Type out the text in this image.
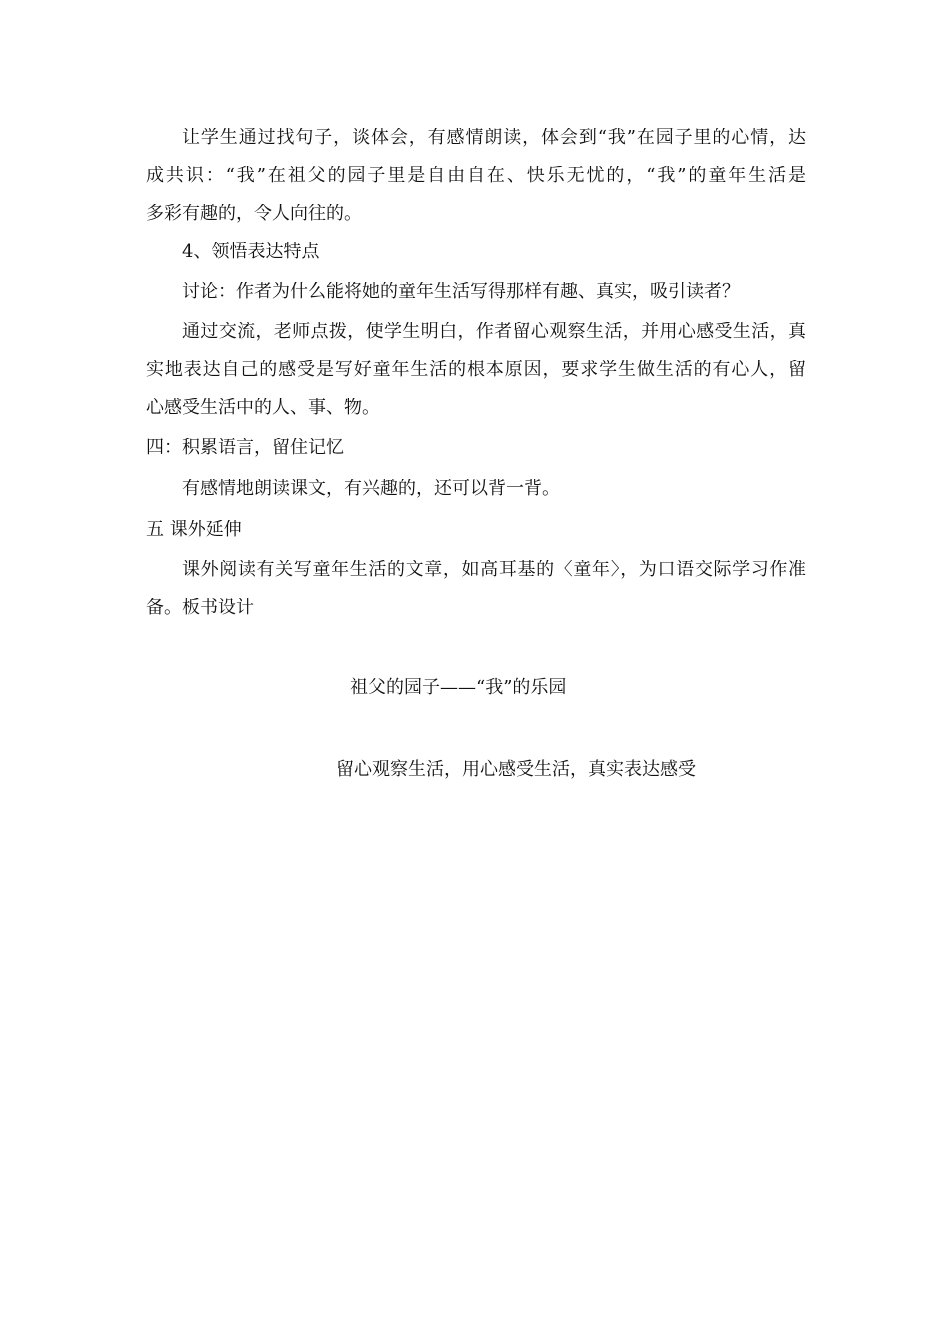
让学生通过找句子，谈体会，有感情朗读，体会到“我”在园子里的心情，达
成共识：“我”在祖父的园子里是自由自在、快乐无忧的，“我”的童年生活是
多彩有趣的，令人向往的。
4、领悟表达特点
讨论：作者为什么能将她的童年生活写得那样有趣、真实，吸引读者？
通过交流，老师点拨，使学生明白，作者留心观察生活，并用心感受生活，真
实地表达自己的感受是写好童年生活的根本原因，要求学生做生活的有心人，留
心感受生活中的人、事、物。
四：积累语言，留住记忆
有感情地朗读课文，有兴趣的，还可以背一背。
五 课外延伸
课外阅读有关写童年生活的文章，如高耳基的〈童年〉，为口语交际学习作准
备。板书设计
祖父的园子——“我”的乐园
留心观察生活，用心感受生活，真实表达感受
